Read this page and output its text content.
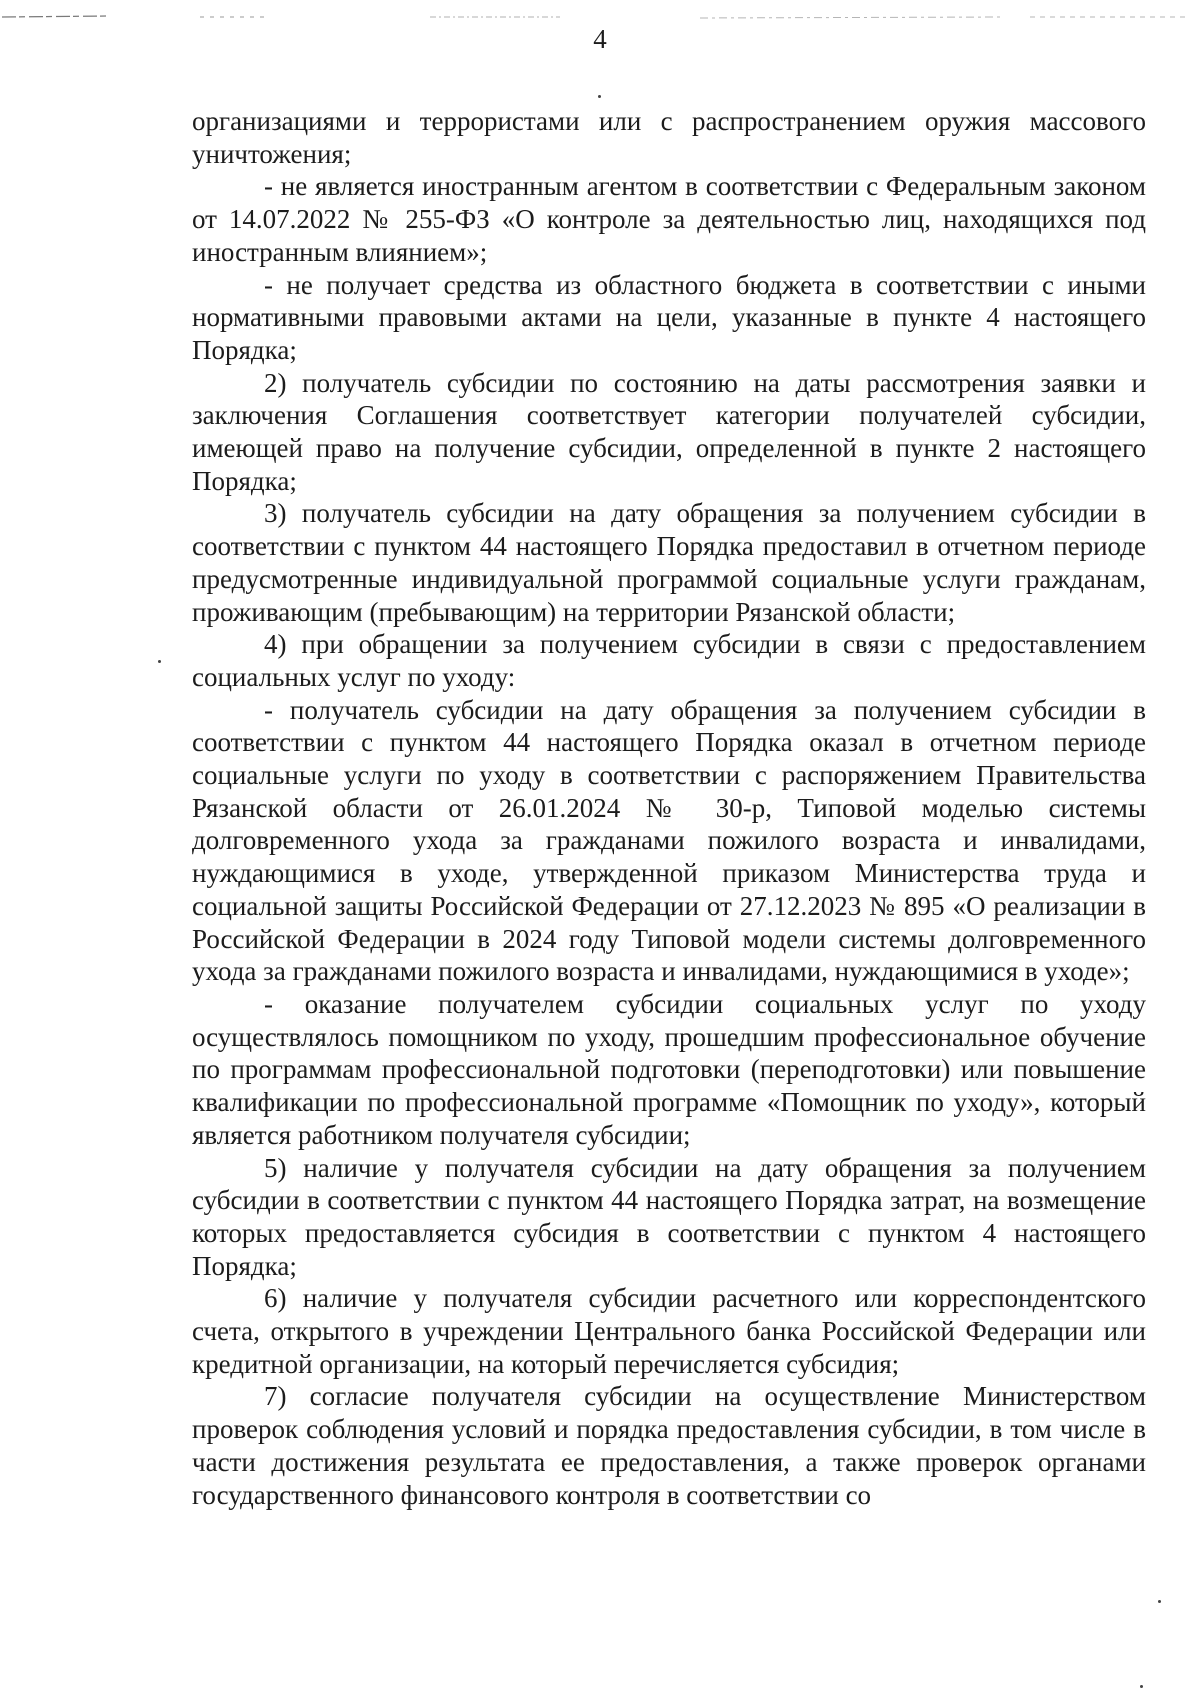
4

организациями и террористами или с распространением оружия массового уничтожения;

- не является иностранным агентом в соответствии с Федеральным законом от 14.07.2022 № 255-ФЗ «О контроле за деятельностью лиц, находящихся под иностранным влиянием»;

- не получает средства из областного бюджета в соответствии с иными нормативными правовыми актами на цели, указанные в пункте 4 настоящего Порядка;

2) получатель субсидии по состоянию на даты рассмотрения заявки и заключения Соглашения соответствует категории получателей субсидии, имеющей право на получение субсидии, определенной в пункте 2 настоящего Порядка;

3) получатель субсидии на дату обращения за получением субсидии в соответствии с пунктом 44 настоящего Порядка предоставил в отчетном периоде предусмотренные индивидуальной программой социальные услуги гражданам, проживающим (пребывающим) на территории Рязанской области;

4) при обращении за получением субсидии в связи с предоставлением социальных услуг по уходу:

- получатель субсидии на дату обращения за получением субсидии в соответствии с пунктом 44 настоящего Порядка оказал в отчетном периоде социальные услуги по уходу в соответствии с распоряжением Правительства Рязанской области от 26.01.2024 № 30-р, Типовой моделью системы долговременного ухода за гражданами пожилого возраста и инвалидами, нуждающимися в уходе, утвержденной приказом Министерства труда и социальной защиты Российской Федерации от 27.12.2023 № 895 «О реализации в Российской Федерации в 2024 году Типовой модели системы долговременного ухода за гражданами пожилого возраста и инвалидами, нуждающимися в уходе»;

- оказание получателем субсидии социальных услуг по уходу осуществлялось помощником по уходу, прошедшим профессиональное обучение по программам профессиональной подготовки (переподготовки) или повышение квалификации по профессиональной программе «Помощник по уходу», который является работником получателя субсидии;

5) наличие у получателя субсидии на дату обращения за получением субсидии в соответствии с пунктом 44 настоящего Порядка затрат, на возмещение которых предоставляется субсидия в соответствии с пунктом 4 настоящего Порядка;

6) наличие у получателя субсидии расчетного или корреспондентского счета, открытого в учреждении Центрального банка Российской Федерации или кредитной организации, на который перечисляется субсидия;

7) согласие получателя субсидии на осуществление Министерством проверок соблюдения условий и порядка предоставления субсидии, в том числе в части достижения результата ее предоставления, а также проверок органами государственного финансового контроля в соответствии со
